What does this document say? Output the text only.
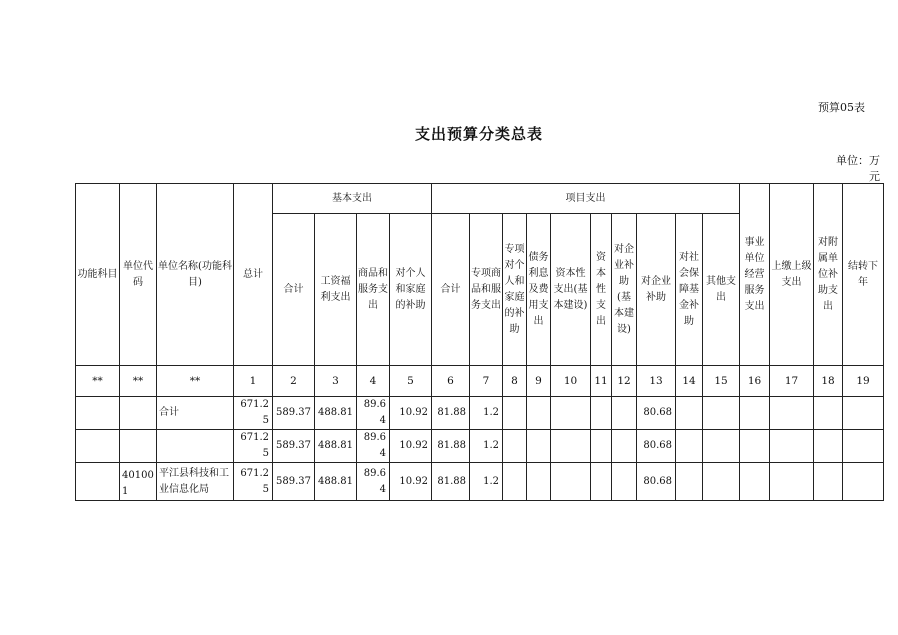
预算05表
支出预算分类总表
单位：万元
功能科目	单位代码	单位名称(功能科目)	总计	基本支出				项目支出										事业单位经营服务支出	上缴上级支出	对附属单位补助支出	结转下年
				合计	工资福利支出	商品和服务支出	对个人和家庭的补助	合计	专项商品和服务支出	专项对个人和家庭的补助	债务利息及费用支出	资本性支出(基本建设)	资本性支出	对企业补助(基本建设)	对企业补助	对社会保障基金补助	其他支出				
**	**	**	1	2	3	4	5	6	7	8	9	10	11	12	13	14	15	16	17	18	19
		合计	671.25	589.37	488.81	89.64	10.92	81.88	1.2						80.68						
			671.25	589.37	488.81	89.64	10.92	81.88	1.2						80.68						
	401001	平江县科技和工业信息化局	671.25	589.37	488.81	89.64	10.92	81.88	1.2						80.68						
